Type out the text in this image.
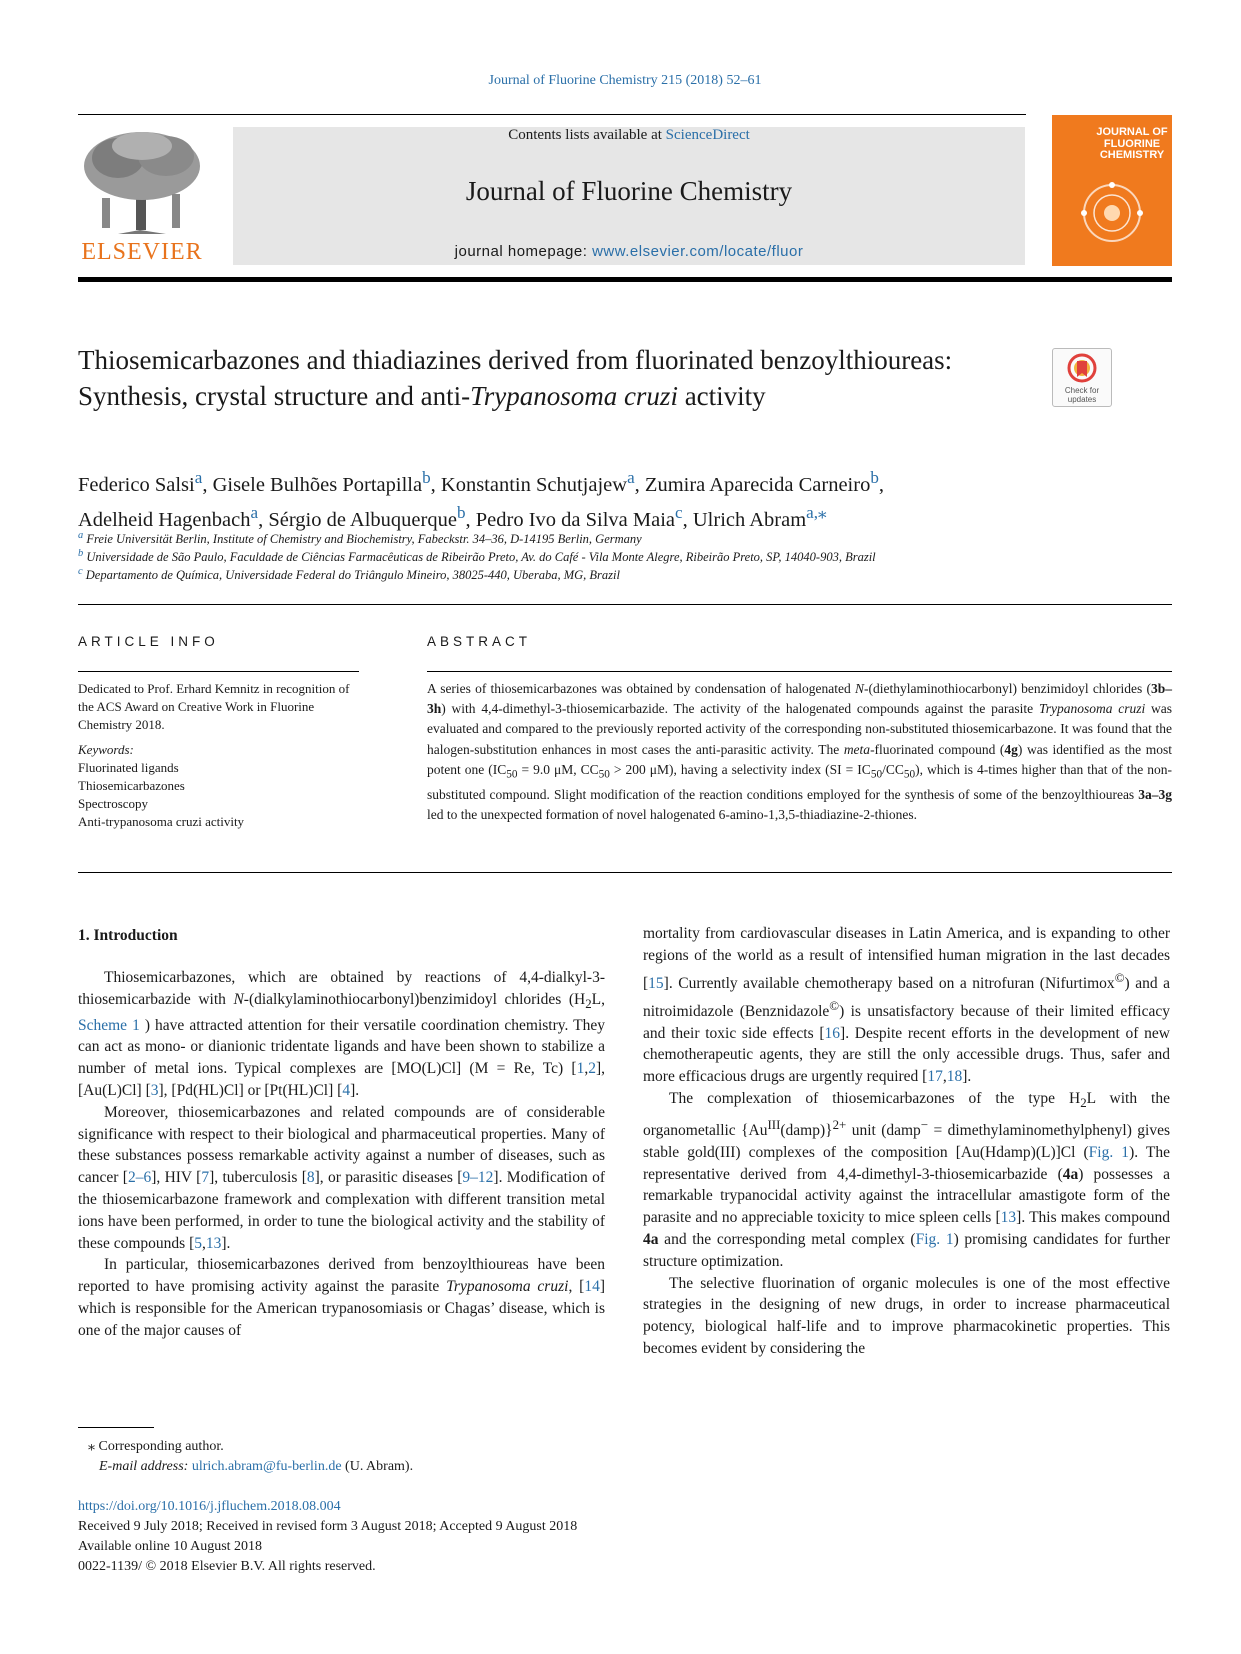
Journal of Fluorine Chemistry 215 (2018) 52–61
ELSEVIER
Contents lists available at ScienceDirect
Journal of Fluorine Chemistry
journal homepage: www.elsevier.com/locate/fluor
JOURNAL OF FLUORINE CHEMISTRY
Thiosemicarbazones and thiadiazines derived from fluorinated benzoylthioureas: Synthesis, crystal structure and anti-Trypanosoma cruzi activity	Check for updates
Federico Salsi$^a$, Gisele Bulhões Portapilla$^b$, Konstantin Schutjajew$^a$, Zumira Aparecida Carneiro$^b$,
Adelheid Hagenbach$^a$, Sérgio de Albuquerque$^b$, Pedro Ivo da Silva Maia$^c$, Ulrich Abram$^{a,⁎}$
$^a$ Freie Universität Berlin, Institute of Chemistry and Biochemistry, Fabeckstr. 34–36, D-14195 Berlin, Germany
$^b$ Universidade de São Paulo, Faculdade de Ciências Farmacêuticas de Ribeirão Preto, Av. do Café - Vila Monte Alegre, Ribeirão Preto, SP, 14040-903, Brazil
$^c$ Departamento de Química, Universidade Federal do Triângulo Mineiro, 38025-440, Uberaba, MG, Brazil
ARTICLE INFO	ABSTRACT
Dedicated to Prof. Erhard Kemnitz in recognition of the ACS Award on Creative Work in Fluorine Chemistry 2018.
Keywords:
Fluorinated ligands
Thiosemicarbazones
Spectroscopy
Anti-trypanosoma cruzi activity
A series of thiosemicarbazones was obtained by condensation of halogenated N-(diethylaminothiocarbonyl) benzimidoyl chlorides (3b–3h) with 4,4-dimethyl-3-thiosemicarbazide. The activity of the halogenated compounds against the parasite Trypanosoma cruzi was evaluated and compared to the previously reported activity of the corresponding non-substituted thiosemicarbazone. It was found that the halogen-substitution enhances in most cases the anti-parasitic activity. The meta-fluorinated compound (4g) was identified as the most potent one ($IC_{50} = 9.0$ μM, $CC_{50} > 200$ μM), having a selectivity index $(SI = IC_{50}/CC_{50})$, which is 4-times higher than that of the non-substituted compound. Slight modification of the reaction conditions employed for the synthesis of some of the benzoylthioureas 3a–3g led to the unexpected formation of novel halogenated 6-amino-1,3,5-thiadiazine-2-thiones.
1. Introduction

Thiosemicarbazones, which are obtained by reactions of 4,4-dialkyl-3-thiosemicarbazide with N-(dialkylaminothiocarbonyl)benzimidoyl chlorides ($H_2L$, Scheme 1 ) have attracted attention for their versatile coordination chemistry. They can act as mono- or dianionic tridentate ligands and have been shown to stabilize a number of metal ions. Typical complexes are [MO(L)Cl] (M = Re, Tc) [1,2], [Au(L)Cl] [3], [Pd(HL)Cl] or [Pt(HL)Cl] [4].

Moreover, thiosemicarbazones and related compounds are of considerable significance with respect to their biological and pharmaceutical properties. Many of these substances possess remarkable activity against a number of diseases, such as cancer [2–6], HIV [7], tuberculosis [8], or parasitic diseases [9–12]. Modification of the thiosemicarbazone framework and complexation with different transition metal ions have been performed, in order to tune the biological activity and the stability of these compounds [5,13].

In particular, thiosemicarbazones derived from benzoylthioureas have been reported to have promising activity against the parasite Trypanosoma cruzi, [14] which is responsible for the American trypanosomiasis or Chagas’ disease, which is one of the major causes of

mortality from cardiovascular diseases in Latin America, and is expanding to other regions of the world as a result of intensified human migration in the last decades [15]. Currently available chemotherapy based on a nitrofuran (Nifurtimox©) and a nitroimidazole (Benznidazole©) is unsatisfactory because of their limited efficacy and their toxic side effects [16]. Despite recent efforts in the development of new chemotherapeutic agents, they are still the only accessible drugs. Thus, safer and more efficacious drugs are urgently required [17,18].

The complexation of thiosemicarbazones of the type $H_2L$ with the organometallic $\{Au^{III}(damp)\}^{2+}$ unit (damp− = dimethylaminomethylphenyl) gives stable gold(III) complexes of the composition [Au(Hdamp)(L)]Cl (Fig. 1). The representative derived from 4,4-dimethyl-3-thiosemicarbazide (4a) possesses a remarkable trypanocidal activity against the intracellular amastigote form of the parasite and no appreciable toxicity to mice spleen cells [13]. This makes compound 4a and the corresponding metal complex (Fig. 1) promising candidates for further structure optimization.

The selective fluorination of organic molecules is one of the most effective strategies in the designing of new drugs, in order to increase pharmaceutical potency, biological half-life and to improve pharmacokinetic properties. This becomes evident by considering the

⁎ Corresponding author.
E-mail address: ulrich.abram@fu-berlin.de (U. Abram).
https://doi.org/10.1016/j.jfluchem.2018.08.004
Received 9 July 2018; Received in revised form 3 August 2018; Accepted 9 August 2018
Available online 10 August 2018
0022-1139/ © 2018 Elsevier B.V. All rights reserved.
